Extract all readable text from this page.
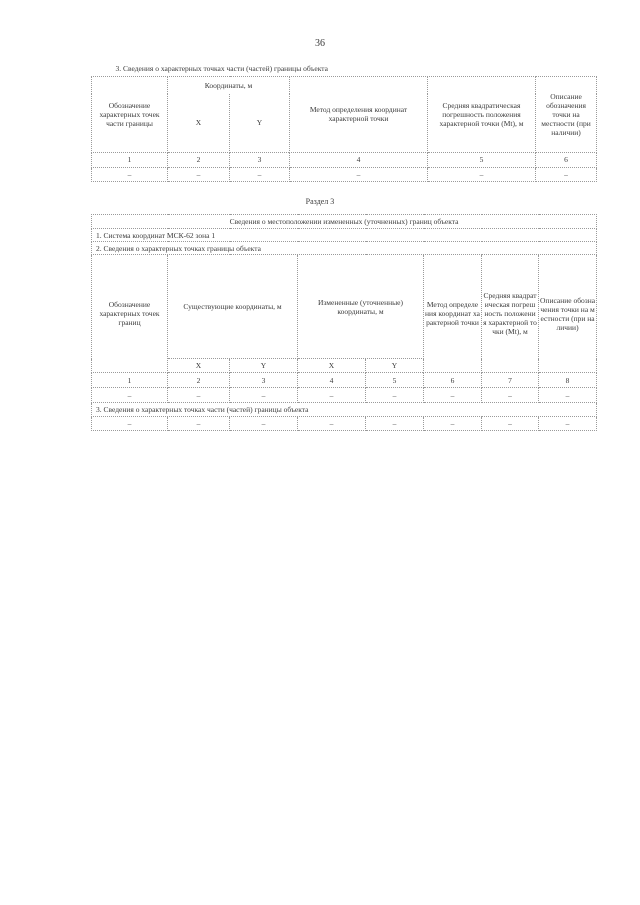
36
3. Сведения о характерных точках части (частей) границы объекта					
Обозначение характерных точек части границы	Координаты, м		Метод определения координат характерной точки	Средняя квадратическая погрешность положения характерной точки (Mt), м	Описание обозначения точки на местности (при наличии)
	X	Y			
1	2	3	4	5	6
–	–	–	–	–	–
Раздел 3
Сведения о местоположении измененных (уточненных) границ объекта							
1. Система координат МСК-62 зона 1							
2. Сведения о характерных точках границы объекта							
Обозначение характерных точек границ	Существующие координаты, м		Измененные (уточненные) координаты, м		Метод определения координат характерной точки	Средняя квадратическая погрешность положения характерной точки (Mt), м	Описание обозначения точки на местности (при наличии)
	X	Y	X	Y			
1	2	3	4	5	6	7	8
–	–	–	–	–	–	–	–
3. Сведения о характерных точках части (частей) границы объекта							
–	–	–	–	–	–	–	–
